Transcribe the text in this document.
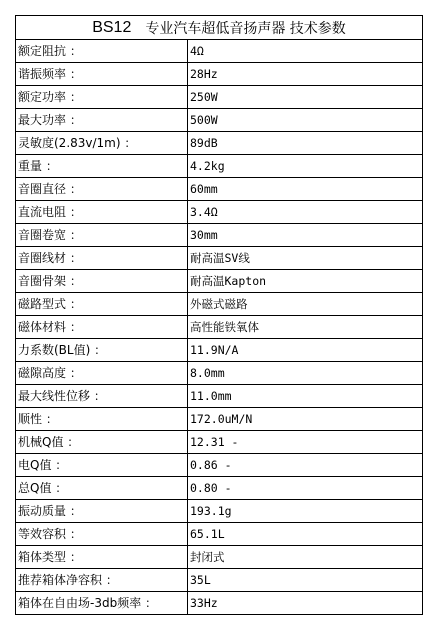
BS12 专业汽车超低音扬声器 技术参数
额定阻抗 ：	4Ω
谐振频率 ：	28Hz
额定功率 ：	250W
最大功率 ：	500W
灵敏度(2.83v/1m) ：	89dB
重量 ：	4.2kg
音圈直径 ：	60mm
直流电阻 ：	3.4Ω
音圈卷宽 ：	30mm
音圈线材 ：	耐高温SV线
音圈骨架 ：	耐高温Kapton
磁路型式 ：	外磁式磁路
磁体材料 ：	高性能铁氧体
力系数(BL值) ：	11.9N/A
磁隙高度 ：	8.0mm
最大线性位移 ：	11.0mm
顺性 ：	172.0uM/N
机械Q值 ：	12.31 -
电Q值 ：	0.86 -
总Q值 ：	0.80 -
振动质量 ：	193.1g
等效容积 ：	65.1L
箱体类型 ：	封闭式
推荐箱体净容积 ：	35L
箱体在自由场-3db频率 ：	33Hz
